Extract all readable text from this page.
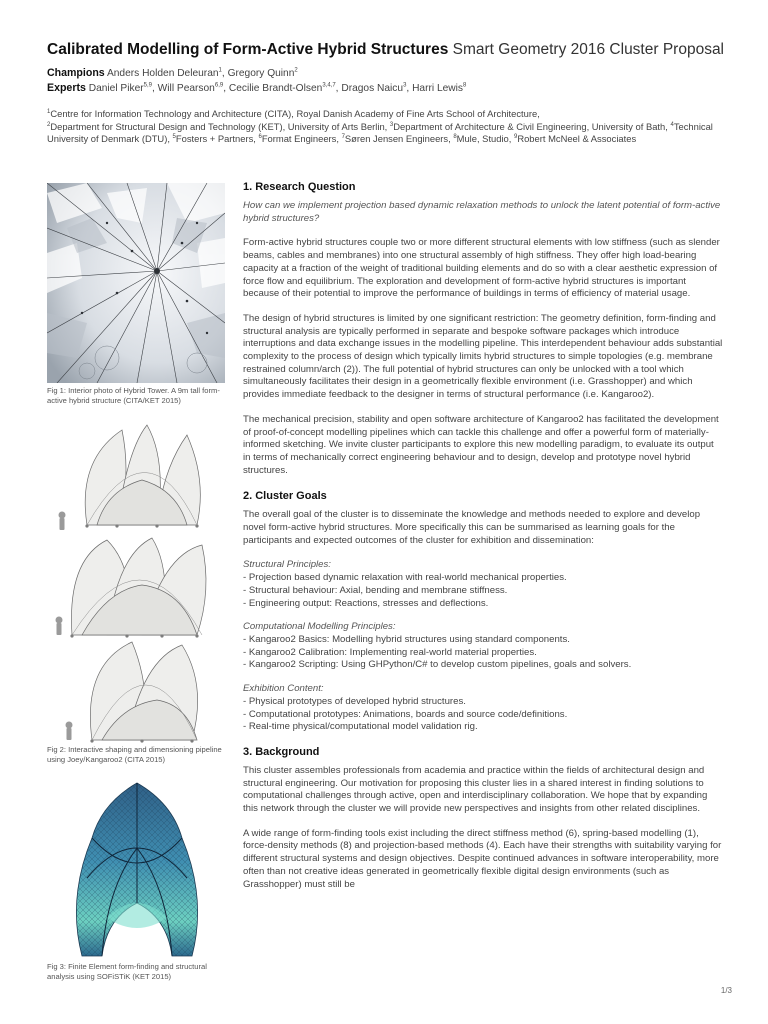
Calibrated Modelling of Form-Active Hybrid Structures Smart Geometry 2016 Cluster Proposal
Champions Anders Holden Deleuran$^1$, Gregory Quinn$^2$
Experts Daniel Piker$^{5,9}$, Will Pearson$^{6,9}$, Cecilie Brandt-Olsen$^{3,4,7}$, Dragos Naicu$^3$, Harri Lewis$^8$
$^1$Centre for Information Technology and Architecture (CITA), Royal Danish Academy of Fine Arts School of Architecture,
$^2$Department for Structural Design and Technology (KET), University of Arts Berlin, $^3$Department of Architecture & Civil Engineering, University of Bath, $^4$Technical University of Denmark (DTU), $^5$Fosters + Partners, $^6$Format Engineers, $^7$Søren Jensen Engineers, $^8$Mule, Studio, $^9$Robert McNeel & Associates
Fig 1: Interior photo of Hybrid Tower. A 9m tall form-active hybrid structure (CITA/KET 2015)
Fig 2: Interactive shaping and dimensioning pipeline using Joey/Kangaroo2 (CITA 2015)
Fig 3: Finite Element form-finding and structural analysis using SOFiSTiK (KET 2015)
1. Research Question

How can we implement projection based dynamic relaxation methods to unlock the latent potential of form-active hybrid structures?

Form-active hybrid structures couple two or more different structural elements with low stiffness (such as slender beams, cables and membranes) into one structural assembly of high stiffness. They offer high load-bearing capacity at a fraction of the weight of traditional building elements and do so with a clear aesthetic expression of force flow and equilibrium. The exploration and development of form-active hybrid structures is important because of their potential to improve the performance of buildings in terms of efficiency of material usage.

The design of hybrid structures is limited by one significant restriction: The geometry definition, form-finding and structural analysis are typically performed in separate and bespoke software packages which introduce interruptions and data exchange issues in the modelling pipeline. This interdependent behaviour adds substantial complexity to the process of design which typically limits hybrid structures to simple topologies (e.g. membrane restrained column/arch (2)). The full potential of hybrid structures can only be unlocked with a tool which simultaneously facilitates their design in a geometrically flexible environment (i.e. Grasshopper) and which provides immediate feedback to the designer in terms of structural performance (i.e. Kangaroo2).

The mechanical precision, stability and open software architecture of Kangaroo2 has facilitated the development of proof-of-concept modelling pipelines which can tackle this challenge and offer a powerful form of materially-informed sketching. We invite cluster participants to explore this new modelling paradigm, to evaluate its output in terms of mechanically correct engineering behaviour and to design, develop and prototype novel hybrid structures.

2. Cluster Goals

The overall goal of the cluster is to disseminate the knowledge and methods needed to explore and develop novel form-active hybrid structures. More specifically this can be summarised as learning goals for the participants and expected outcomes of the cluster for exhibition and dissemination:

Structural Principles:

- Projection based dynamic relaxation with real-world mechanical properties.
- Structural behaviour: Axial, bending and membrane stiffness.
- Engineering output: Reactions, stresses and deflections.

Computational Modelling Principles:

- Kangaroo2 Basics: Modelling hybrid structures using standard components.
- Kangaroo2 Calibration: Implementing real-world material properties.
- Kangaroo2 Scripting: Using GHPython/C# to develop custom pipelines, goals and solvers.

Exhibition Content:

- Physical prototypes of developed hybrid structures.
- Computational prototypes: Animations, boards and source code/definitions.
- Real-time physical/computational model validation rig.
3. Background

This cluster assembles professionals from academia and practice within the fields of architectural design and structural engineering. Our motivation for proposing this cluster lies in a shared interest in finding solutions to computational challenges through active, open and interdisciplinary collaboration. We hope that by expanding this network through the cluster we will provide new perspectives and insights from other related disciplines.

A wide range of form-finding tools exist including the direct stiffness method (6), spring-based modelling (1), force-density methods (8) and projection-based methods (4). Each have their strengths with suitability varying for different structural systems and design objectives. Despite continued advances in software interoperability, more often than not creative ideas generated in geometrically flexible digital design environments (such as Grasshopper) must still be

1/3
